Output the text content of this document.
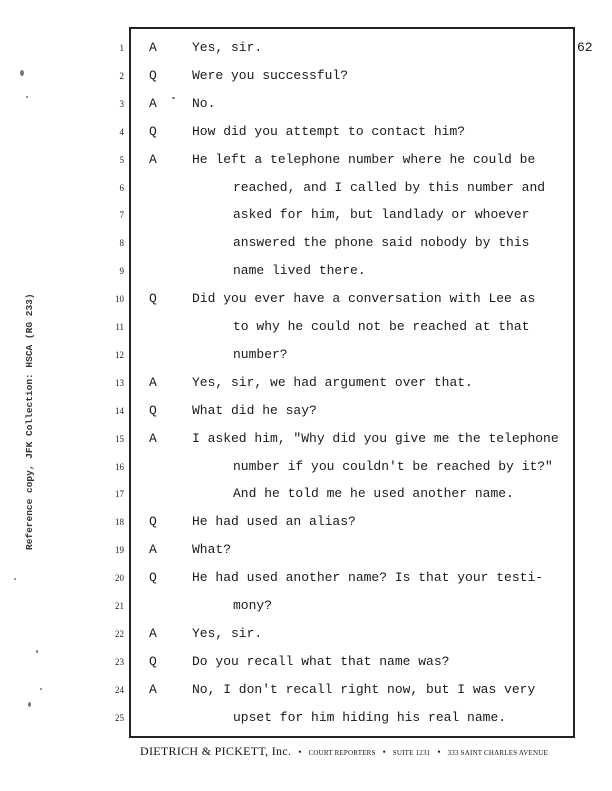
Reference copy, JFK Collection: HSCA (RG 233)
62
1 A	Yes, sir.
2 Q	Were you successful?
3 A	No.
4 Q	How did you attempt to contact him?
5 A	He left a telephone number where he could be
6	reached, and I called by this number and
7	asked for him, but landlady or whoever
8	answered the phone said nobody by this
9	name lived there.
10 Q	Did you ever have a conversation with Lee as
11	to why he could not be reached at that
12	number?
13 A	Yes, sir, we had argument over that.
14 Q	What did he say?
15 A	I asked him, "Why did you give me the telephone
16	number if you couldn't be reached by it?"
17	And he told me he used another name.
18 Q	He had used an alias?
19 A	What?
20 Q	He had used another name? Is that your testi-
21	mony?
22 A	Yes, sir.
23 Q	Do you recall what that name was?
24 A	No, I don't recall right now, but I was very
25	upset for him hiding his real name.
DIETRICH & PICKETT, Inc. • COURT REPORTERS • SUITE 1231 • 333 SAINT CHARLES AVENUE
